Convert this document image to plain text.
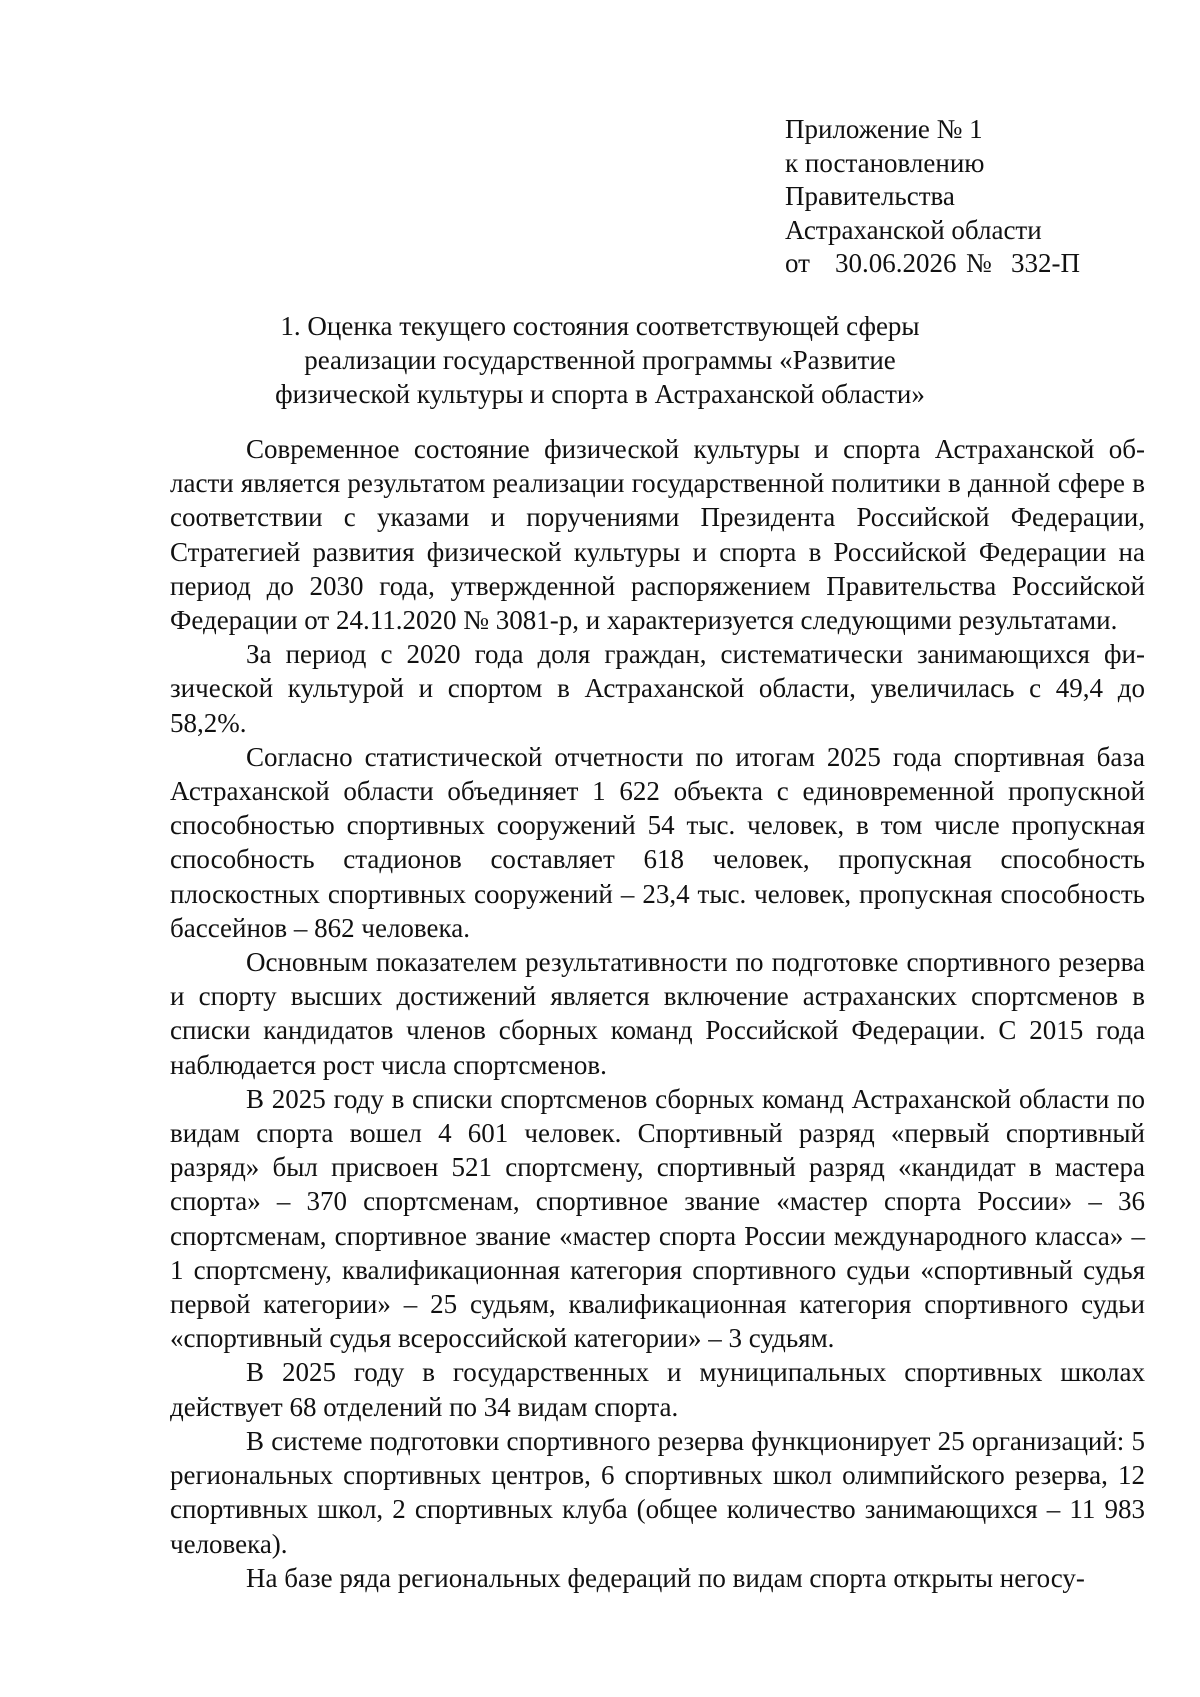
Приложение № 1
к постановлению
Правительства
Астраханской области
от 30.06.2026 № 332-П
1. Оценка текущего состояния соответствующей сферы
реализации государственной программы «Развитие
физической культуры и спорта в Астраханской области»

Современное состояние физической культуры и спорта Астраханской области является результатом реализации государственной политики в данной сфере в соответствии с указами и поручениями Президента Российской Федерации, Стратегией развития физической культуры и спорта в Российской Федерации на период до 2030 года, утвержденной распоряжением Правительства Российской Федерации от 24.11.2020 № 3081-р, и характеризуется следующими результатами.

За период с 2020 года доля граждан, систематически занимающихся физической культурой и спортом в Астраханской области, увеличилась с 49,4 до 58,2%.

Согласно статистической отчетности по итогам 2025 года спортивная база Астраханской области объединяет 1 622 объекта с единовременной пропускной способностью спортивных сооружений 54 тыс. человек, в том числе пропускная способность стадионов составляет 618 человек, пропускная способность плоскостных спортивных сооружений – 23,4 тыс. человек, пропускная способность бассейнов – 862 человека.

Основным показателем результативности по подготовке спортивного резерва и спорту высших достижений является включение астраханских спортсменов в списки кандидатов членов сборных команд Российской Федерации. С 2015 года наблюдается рост числа спортсменов.

В 2025 году в списки спортсменов сборных команд Астраханской области по видам спорта вошел 4 601 человек. Спортивный разряд «первый спортивный разряд» был присвоен 521 спортсмену, спортивный разряд «кандидат в мастера спорта» – 370 спортсменам, спортивное звание «мастер спорта России» – 36 спортсменам, спортивное звание «мастер спорта России международного класса» – 1 спортсмену, квалификационная категория спортивного судьи «спортивный судья первой категории» – 25 судьям, квалификационная категория спортивного судьи «спортивный судья всероссийской категории» – 3 судьям.

В 2025 году в государственных и муниципальных спортивных школах действует 68 отделений по 34 видам спорта.

В системе подготовки спортивного резерва функционирует 25 организаций: 5 региональных спортивных центров, 6 спортивных школ олимпийского резерва, 12 спортивных школ, 2 спортивных клуба (общее количество занимающихся – 11 983 человека).

На базе ряда региональных федераций по видам спорта открыты негосу-
